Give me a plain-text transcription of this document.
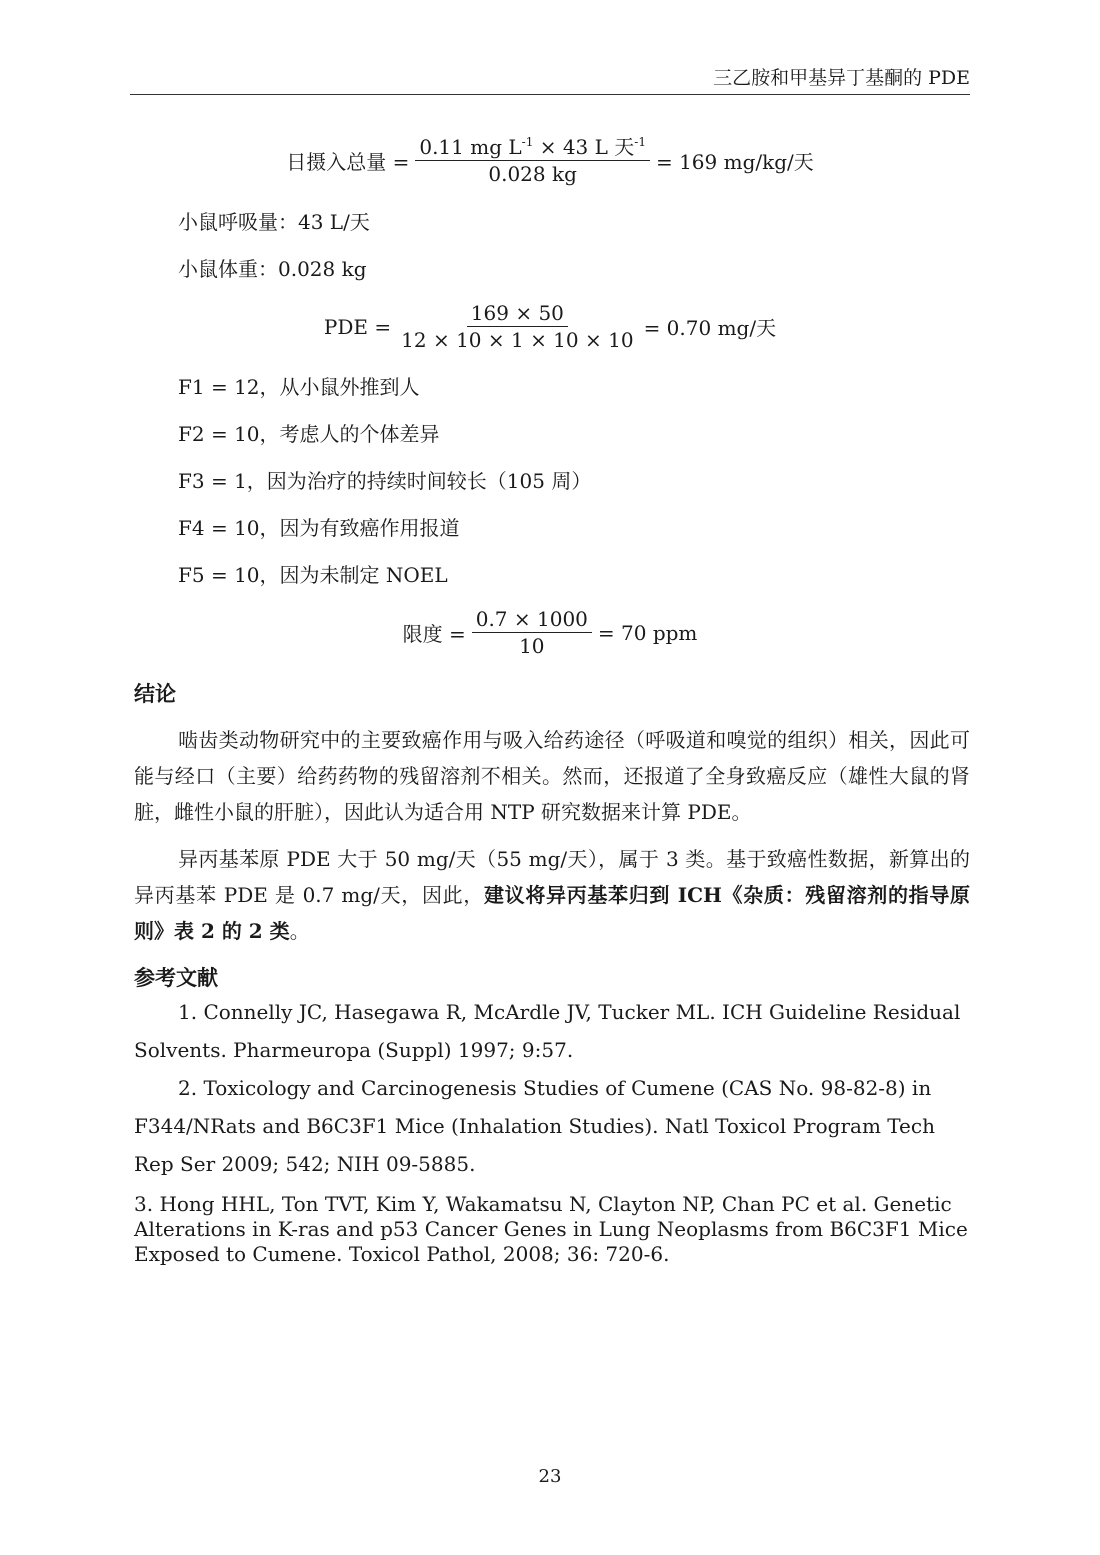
三乙胺和甲基异丁基酮的 PDE
日摄入总量 = $\frac{0.11 mg L^{-1} \times 43 L 天^{-1}}{0.028 kg} = 169$ mg/kg/天
小鼠呼吸量：43 L/天
小鼠体重：0.028 kg
PDE = $\frac{169 \times 50}{12 \times 10 \times 1 \times 10 \times 10} = 0.70$ mg/天
F1 = 12，从小鼠外推到人
F2 = 10，考虑人的个体差异
F3 = 1，因为治疗的持续时间较长（105 周）
F4 = 10，因为有致癌作用报道
F5 = 10，因为未制定 NOEL
限度 = $\frac{0.7 \times 1000}{10} = 70$ ppm
结论
啮齿类动物研究中的主要致癌作用与吸入给药途径（呼吸道和嗅觉的组织）相关，因此可能与经口（主要）给药药物的残留溶剂不相关。然而，还报道了全身致癌反应（雄性大鼠的肾脏，雌性小鼠的肝脏），因此认为适合用 NTP 研究数据来计算 PDE。
异丙基苯原 PDE 大于 50 mg/天（55 mg/天），属于 3 类。基于致癌性数据，新算出的异丙基苯 PDE 是 0.7 mg/天，因此，建议将异丙基苯归到 ICH《杂质：残留溶剂的指导原则》表 2 的 2 类。
参考文献
1. Connelly JC, Hasegawa R, McArdle JV, Tucker ML. ICH Guideline Residual Solvents. Pharmeuropa (Suppl) 1997; 9:57.
2. Toxicology and Carcinogenesis Studies of Cumene (CAS No. 98-82-8) in F344/NRats and B6C3F1 Mice (Inhalation Studies). Natl Toxicol Program Tech Rep Ser 2009; 542; NIH 09-5885.
3. Hong HHL, Ton TVT, Kim Y, Wakamatsu N, Clayton NP, Chan PC et al. Genetic Alterations in K-ras and p53 Cancer Genes in Lung Neoplasms from B6C3F1 Mice Exposed to Cumene. Toxicol Pathol, 2008; 36: 720-6.
23
